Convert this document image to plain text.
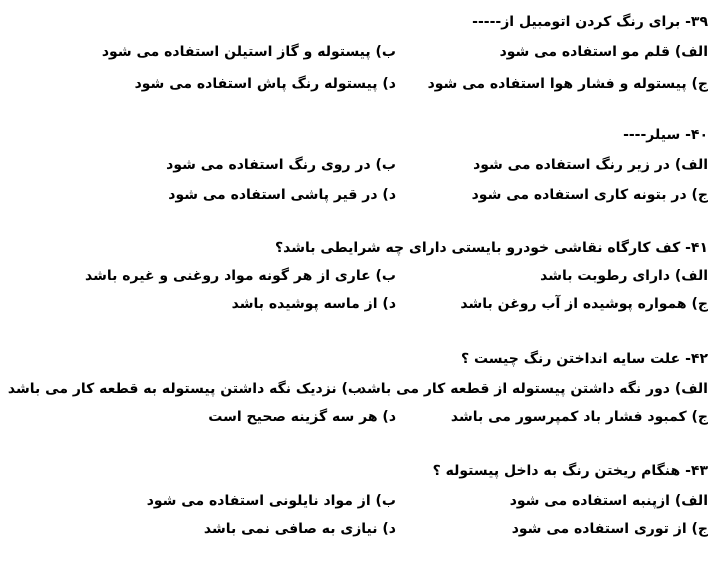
۳۹- برای رنگ کردن اتومبیل از-----
الف) قلم مو استفاده می شود
ب) پیستوله و گاز استیلن استفاده می شود
ج) پیستوله و فشار هوا استفاده می شود
د) پیستوله رنگ پاش استفاده می شود
۴۰- سیلر----
الف) در زیر رنگ استفاده می شود
ب) در روی رنگ استفاده می شود
ج) در بتونه کاری استفاده می شود
د) در قیر پاشی استفاده می شود
۴۱- کف کارگاه نقاشی خودرو بایستی دارای چه شرایطی باشد؟
الف) دارای رطوبت باشد
ب) عاری از هر گونه مواد روغنی و غیره باشد
ج) همواره پوشیده از آب روغن باشد
د) از ماسه پوشیده باشد
۴۲- علت سایه انداختن رنگ چیست ؟
الف) دور نگه داشتن پیستوله از قطعه کار می باشد
ب) نزدیک نگه داشتن پیستوله به قطعه کار می باشد
ج) کمبود فشار باد کمپرسور می باشد
د) هر سه گزینه صحیح است
۴۳- هنگام ریختن رنگ به داخل پیستوله ؟
الف) ازپنبه استفاده می شود
ب) از مواد نایلونی استفاده می شود
ج) از توری استفاده می شود
د) نیازی به صافی نمی باشد
